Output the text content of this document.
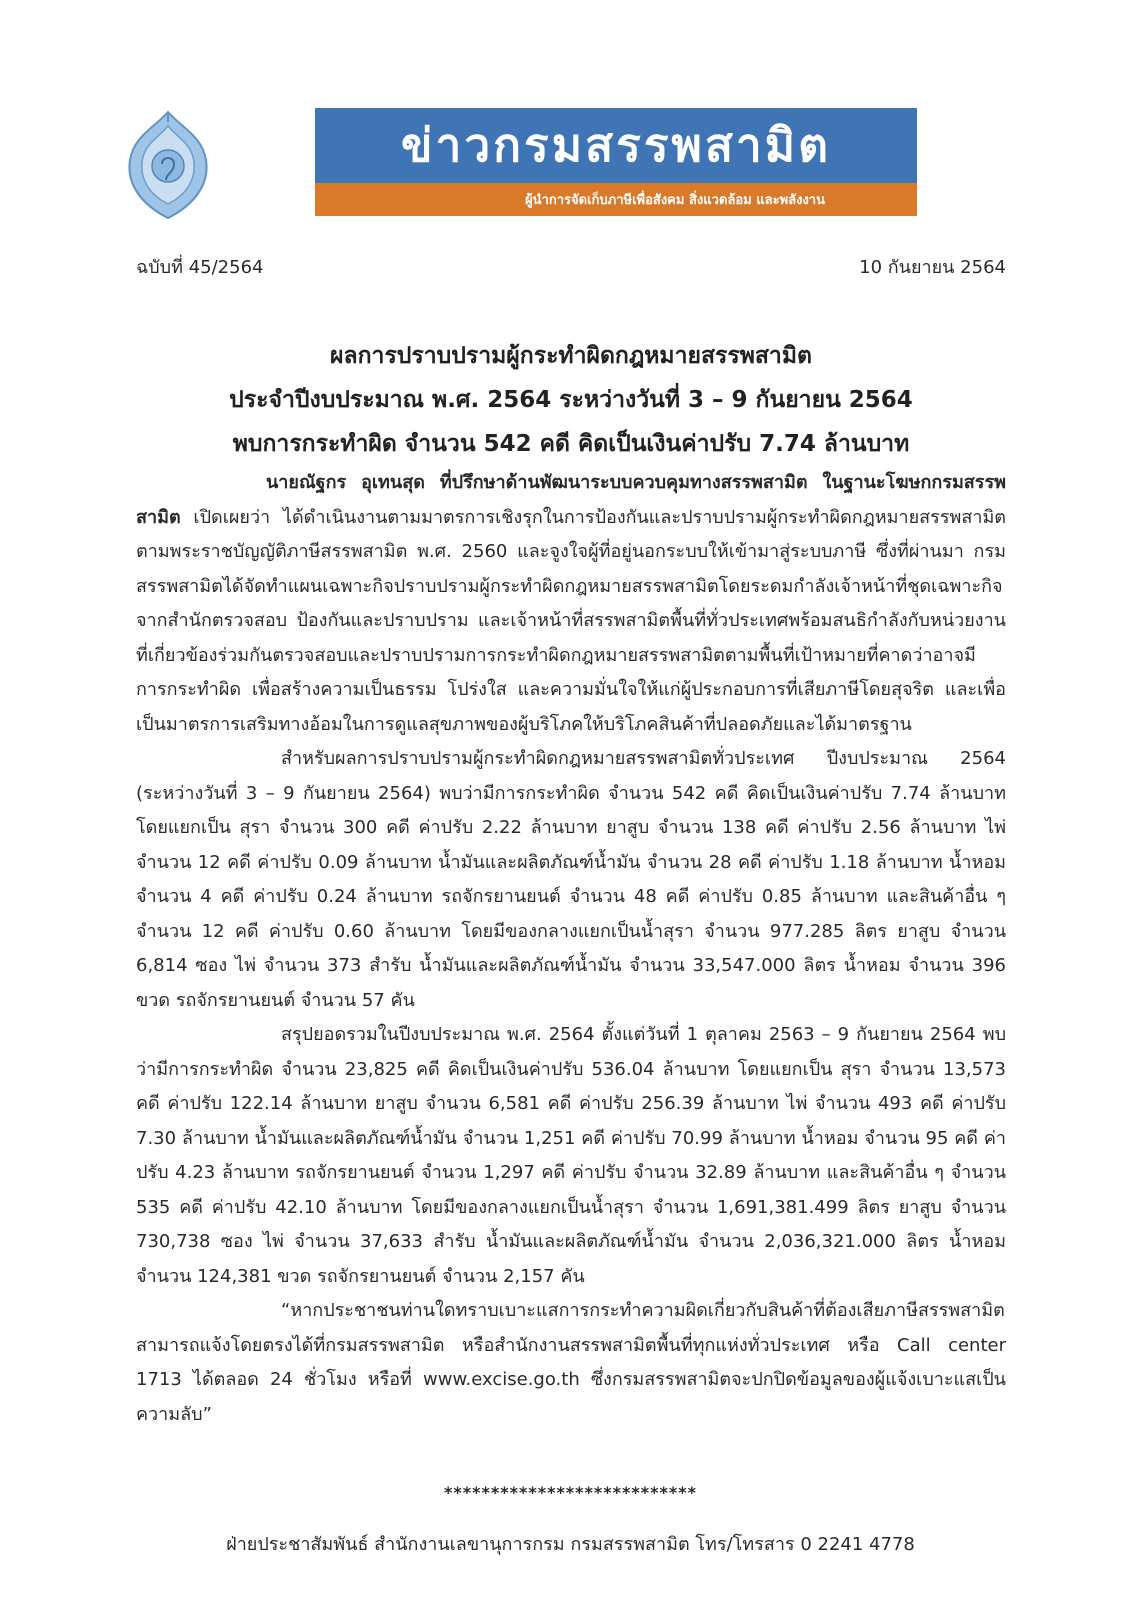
ข่าวกรมสรรพสามิต
ผู้นำการจัดเก็บภาษีเพื่อสังคม สิ่งแวดล้อม และพลังงาน
ฉบับที่ 45/2564	10 กันยายน 2564
ผลการปราบปรามผู้กระทำผิดกฎหมายสรรพสามิต
ประจำปีงบประมาณ พ.ศ. 2564 ระหว่างวันที่ 3 – 9 กันยายน 2564
พบการกระทำผิด จำนวน 542 คดี คิดเป็นเงินค่าปรับ 7.74 ล้านบาท

นายณัฐกร อุเทนสุด ที่ปรึกษาด้านพัฒนาระบบควบคุมทางสรรพสามิต ในฐานะโฆษกกรมสรรพสามิต เปิดเผยว่า ได้ดำเนินงานตามมาตรการเชิงรุกในการป้องกันและปราบปรามผู้กระทำผิดกฎหมายสรรพสามิตตามพระราชบัญญัติภาษีสรรพสามิต พ.ศ. 2560 และจูงใจผู้ที่อยู่นอกระบบให้เข้ามาสู่ระบบภาษี ซึ่งที่ผ่านมา กรมสรรพสามิตได้จัดทำแผนเฉพาะกิจปราบปรามผู้กระทำผิดกฎหมายสรรพสามิตโดยระดมกำลังเจ้าหน้าที่ชุดเฉพาะกิจจากสำนักตรวจสอบ ป้องกันและปราบปราม และเจ้าหน้าที่สรรพสามิตพื้นที่ทั่วประเทศพร้อมสนธิกำลังกับหน่วยงานที่เกี่ยวข้องร่วมกันตรวจสอบและปราบปรามการกระทำผิดกฎหมายสรรพสามิตตามพื้นที่เป้าหมายที่คาดว่าอาจมีการกระทำผิด เพื่อสร้างความเป็นธรรม โปร่งใส และความมั่นใจให้แก่ผู้ประกอบการที่เสียภาษีโดยสุจริต และเพื่อเป็นมาตรการเสริมทางอ้อมในการดูแลสุขภาพของผู้บริโภคให้บริโภคสินค้าที่ปลอดภัยและได้มาตรฐาน

สำหรับผลการปราบปรามผู้กระทำผิดกฎหมายสรรพสามิตทั่วประเทศ ปีงบประมาณ 2564 (ระหว่างวันที่ 3 – 9 กันยายน 2564) พบว่ามีการกระทำผิด จำนวน 542 คดี คิดเป็นเงินค่าปรับ 7.74 ล้านบาท โดยแยกเป็น สุรา จำนวน 300 คดี ค่าปรับ 2.22 ล้านบาท ยาสูบ จำนวน 138 คดี ค่าปรับ 2.56 ล้านบาท ไพ่ จำนวน 12 คดี ค่าปรับ 0.09 ล้านบาท น้ำมันและผลิตภัณฑ์น้ำมัน จำนวน 28 คดี ค่าปรับ 1.18 ล้านบาท น้ำหอม จำนวน 4 คดี ค่าปรับ 0.24 ล้านบาท รถจักรยานยนต์ จำนวน 48 คดี ค่าปรับ 0.85 ล้านบาท และสินค้าอื่น ๆ จำนวน 12 คดี ค่าปรับ 0.60 ล้านบาท โดยมีของกลางแยกเป็นน้ำสุรา จำนวน 977.285 ลิตร ยาสูบ จำนวน 6,814 ซอง ไพ่ จำนวน 373 สำรับ น้ำมันและผลิตภัณฑ์น้ำมัน จำนวน 33,547.000 ลิตร น้ำหอม จำนวน 396 ขวด รถจักรยานยนต์ จำนวน 57 คัน

สรุปยอดรวมในปีงบประมาณ พ.ศ. 2564 ตั้งแต่วันที่ 1 ตุลาคม 2563 – 9 กันยายน 2564 พบว่ามีการกระทำผิด จำนวน 23,825 คดี คิดเป็นเงินค่าปรับ 536.04 ล้านบาท โดยแยกเป็น สุรา จำนวน 13,573 คดี ค่าปรับ 122.14 ล้านบาท ยาสูบ จำนวน 6,581 คดี ค่าปรับ 256.39 ล้านบาท ไพ่ จำนวน 493 คดี ค่าปรับ 7.30 ล้านบาท น้ำมันและผลิตภัณฑ์น้ำมัน จำนวน 1,251 คดี ค่าปรับ 70.99 ล้านบาท น้ำหอม จำนวน 95 คดี ค่าปรับ 4.23 ล้านบาท รถจักรยานยนต์ จำนวน 1,297 คดี ค่าปรับ จำนวน 32.89 ล้านบาท และสินค้าอื่น ๆ จำนวน 535 คดี ค่าปรับ 42.10 ล้านบาท โดยมีของกลางแยกเป็นน้ำสุรา จำนวน 1,691,381.499 ลิตร ยาสูบ จำนวน 730,738 ซอง ไพ่ จำนวน 37,633 สำรับ น้ำมันและผลิตภัณฑ์น้ำมัน จำนวน 2,036,321.000 ลิตร น้ำหอม จำนวน 124,381 ขวด รถจักรยานยนต์ จำนวน 2,157 คัน

“หากประชาชนท่านใดทราบเบาะแสการกระทำความผิดเกี่ยวกับสินค้าที่ต้องเสียภาษีสรรพสามิตสามารถแจ้งโดยตรงได้ที่กรมสรรพสามิต หรือสำนักงานสรรพสามิตพื้นที่ทุกแห่งทั่วประเทศ หรือ Call center 1713 ได้ตลอด 24 ชั่วโมง หรือที่ www.excise.go.th ซึ่งกรมสรรพสามิตจะปกปิดข้อมูลของผู้แจ้งเบาะแสเป็นความลับ”

***************************
ฝ่ายประชาสัมพันธ์ สำนักงานเลขานุการกรม กรมสรรพสามิต โทร/โทรสาร 0 2241 4778
